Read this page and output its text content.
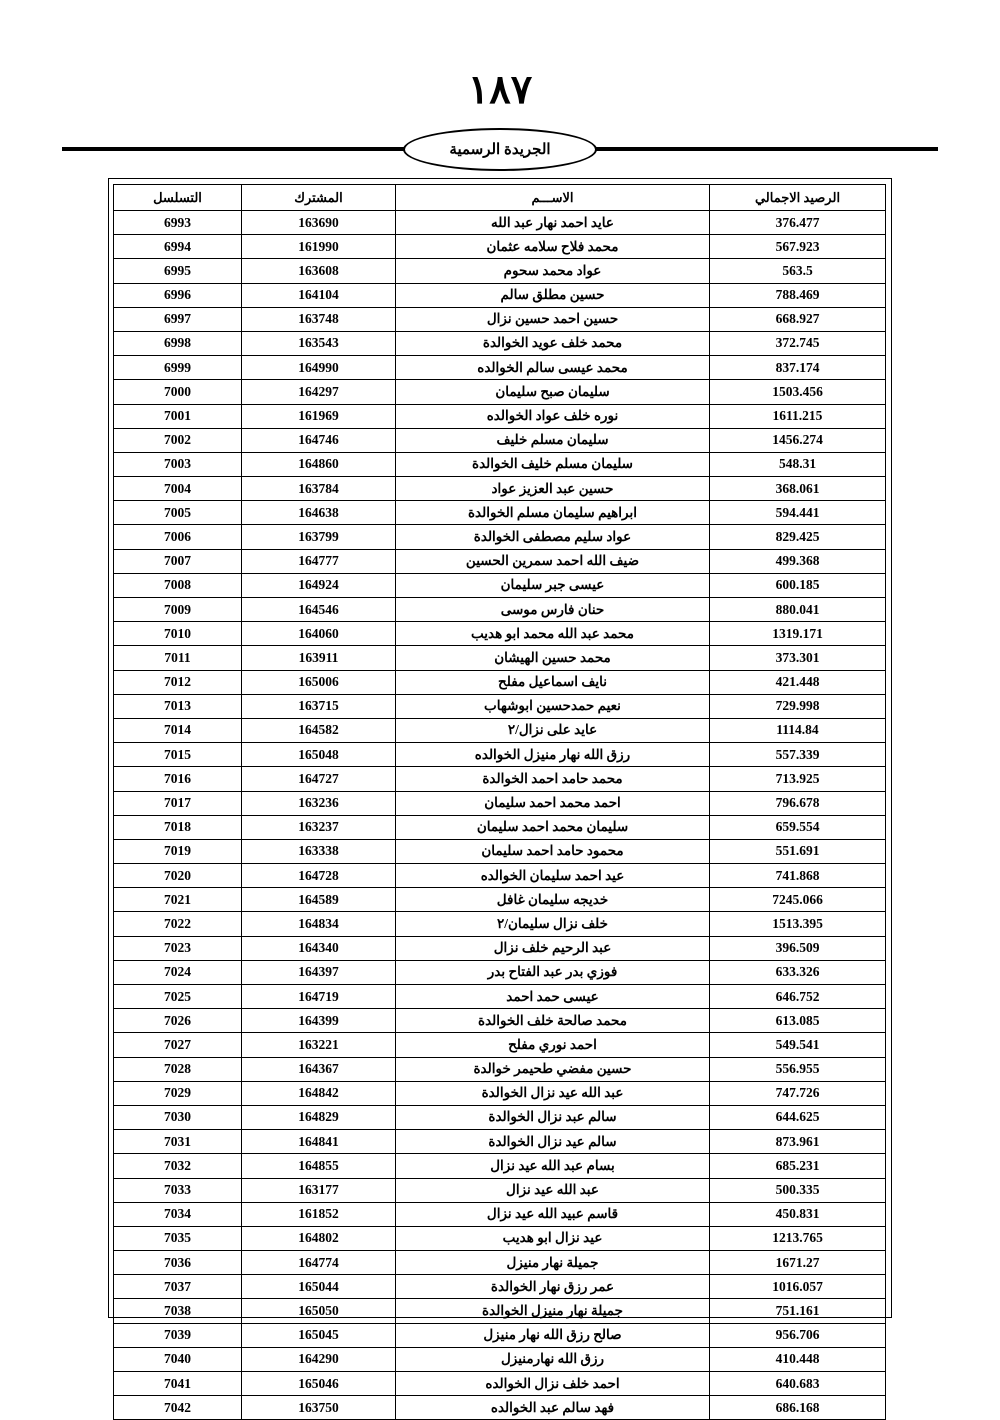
١٨٧
الجريدة الرسمية
الرصيد الاجمالي	الاســـم	المشترك	التسلسل
376.477	عايد احمد نهار عبد الله	163690	6993
567.923	محمد فلاح سلامه عثمان	161990	6994
563.5	عواد محمد سحوم	163608	6995
788.469	حسين مطلق سالم	164104	6996
668.927	حسين احمد حسين نزال	163748	6997
372.745	محمد خلف عويد الخوالدة	163543	6998
837.174	محمد عيسى سالم الخوالده	164990	6999
1503.456	سليمان صبح سليمان	164297	7000
1611.215	نوره خلف عواد الخوالده	161969	7001
1456.274	سليمان مسلم خليف	164746	7002
548.31	سليمان مسلم خليف الخوالدة	164860	7003
368.061	حسين عبد العزيز عواد	163784	7004
594.441	ابراهيم سليمان مسلم الخوالدة	164638	7005
829.425	عواد سليم مصطفى الخوالدة	163799	7006
499.368	ضيف الله احمد سمرين الحسين	164777	7007
600.185	عيسى جبر سليمان	164924	7008
880.041	حنان فارس موسى	164546	7009
1319.171	محمد عبد الله محمد ابو هديب	164060	7010
373.301	محمد حسين الهيشان	163911	7011
421.448	نايف اسماعيل مفلح	165006	7012
729.998	نعيم حمدحسين ابوشهاب	163715	7013
1114.84	عايد على نزال/٢	164582	7014
557.339	رزق الله نهار منيزل الخوالده	165048	7015
713.925	محمد حامد احمد الخوالدة	164727	7016
796.678	احمد محمد احمد سليمان	163236	7017
659.554	سليمان محمد احمد سليمان	163237	7018
551.691	محمود حامد احمد سليمان	163338	7019
741.868	عيد احمد سليمان الخوالده	164728	7020
7245.066	خديجه سليمان غافل	164589	7021
1513.395	خلف نزال سليمان/٢	164834	7022
396.509	عبد الرحيم خلف نزال	164340	7023
633.326	فوزي بدر عبد الفتاح بدر	164397	7024
646.752	عيسى حمد احمد	164719	7025
613.085	محمد صالحة خلف الخوالدة	164399	7026
549.541	احمد نوري مفلح	163221	7027
556.955	حسين مفضي طحيمر خوالدة	164367	7028
747.726	عبد الله عيد نزال الخوالدة	164842	7029
644.625	سالم عبد نزال الخوالدة	164829	7030
873.961	سالم عيد نزال الخوالدة	164841	7031
685.231	بسام عبد الله عيد نزال	164855	7032
500.335	عبد الله عيد نزال	163177	7033
450.831	قاسم عبيد الله عيد نزال	161852	7034
1213.765	عيد نزال ابو هديب	164802	7035
1671.27	جميلة نهار منيزل	164774	7036
1016.057	عمر رزق نهار الخوالدة	165044	7037
751.161	جميلة نهار منيزل الخوالدة	165050	7038
956.706	صالح رزق الله نهار منيزل	165045	7039
410.448	رزق الله نهارمنيزل	164290	7040
640.683	احمد خلف نزال الخوالده	165046	7041
686.168	فهد سالم عبد الخوالده	163750	7042
